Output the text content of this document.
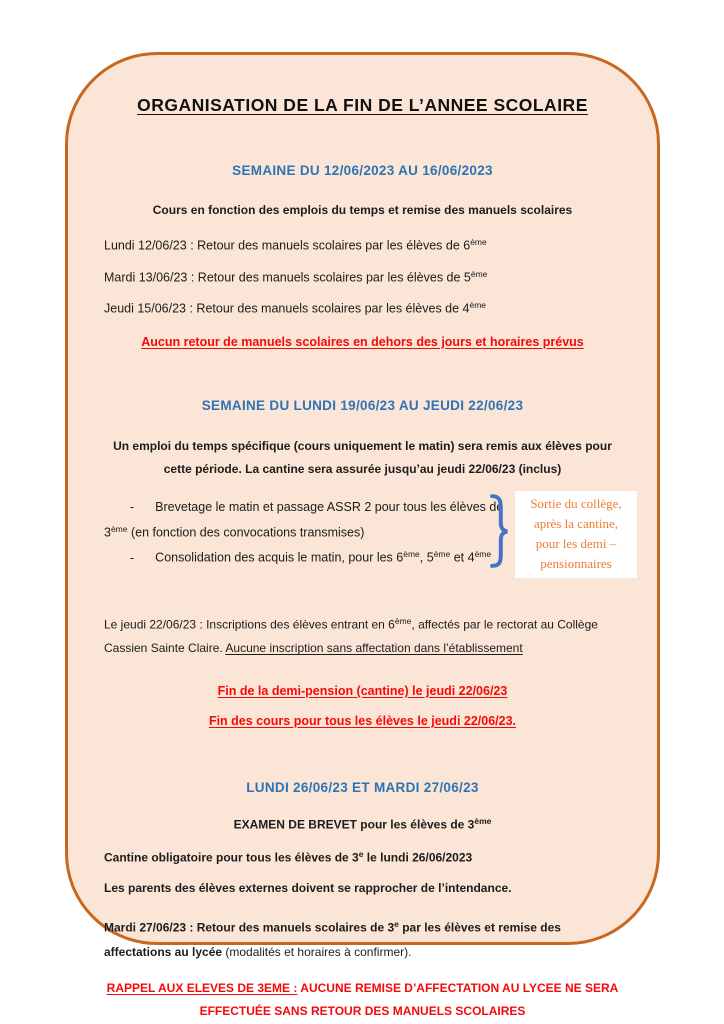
ORGANISATION DE LA FIN DE L’ANNEE SCOLAIRE
SEMAINE DU 12/06/2023 AU 16/06/2023

Cours en fonction des emplois du temps et remise des manuels scolaires

Lundi 12/06/23 : Retour des manuels scolaires par les élèves de 6ème

Mardi 13/06/23 : Retour des manuels scolaires par les élèves de 5ème

Jeudi 15/06/23 : Retour des manuels scolaires par les élèves de 4ème

Aucun retour de manuels scolaires en dehors des jours et horaires prévus

SEMAINE DU LUNDI 19/06/23 AU JEUDI 22/06/23

Un emploi du temps spécifique (cours uniquement le matin) sera remis aux élèves pour

cette période. La cantine sera assurée jusqu’au jeudi 22/06/23 (inclus)

- Brevetage le matin et passage ASSR 2 pour tous les élèves de
3ème (en fonction des convocations transmises)
- Consolidation des acquis le matin, pour les 6ème, 5ème et 4ème
Sortie du collège,
après la cantine,
pour les demi –
pensionnaires
Le jeudi 22/06/23 : Inscriptions des élèves entrant en 6ème, affectés par le rectorat au Collège
Cassien Sainte Claire. Aucune inscription sans affectation dans l’établissement

Fin de la demi-pension (cantine) le jeudi 22/06/23

Fin des cours pour tous les élèves le jeudi 22/06/23.

LUNDI 26/06/23 ET MARDI 27/06/23

EXAMEN DE BREVET pour les élèves de 3ème

Cantine obligatoire pour tous les élèves de 3e le lundi 26/06/2023

Les parents des élèves externes doivent se rapprocher de l’intendance.

Mardi 27/06/23 : Retour des manuels scolaires de 3e par les élèves et remise des
affectations au lycée (modalités et horaires à confirmer).
RAPPEL AUX ELEVES DE 3EME : AUCUNE REMISE D’AFFECTATION AU LYCEE NE SERA
EFFECTUÉE SANS RETOUR DES MANUELS SCOLAIRES
